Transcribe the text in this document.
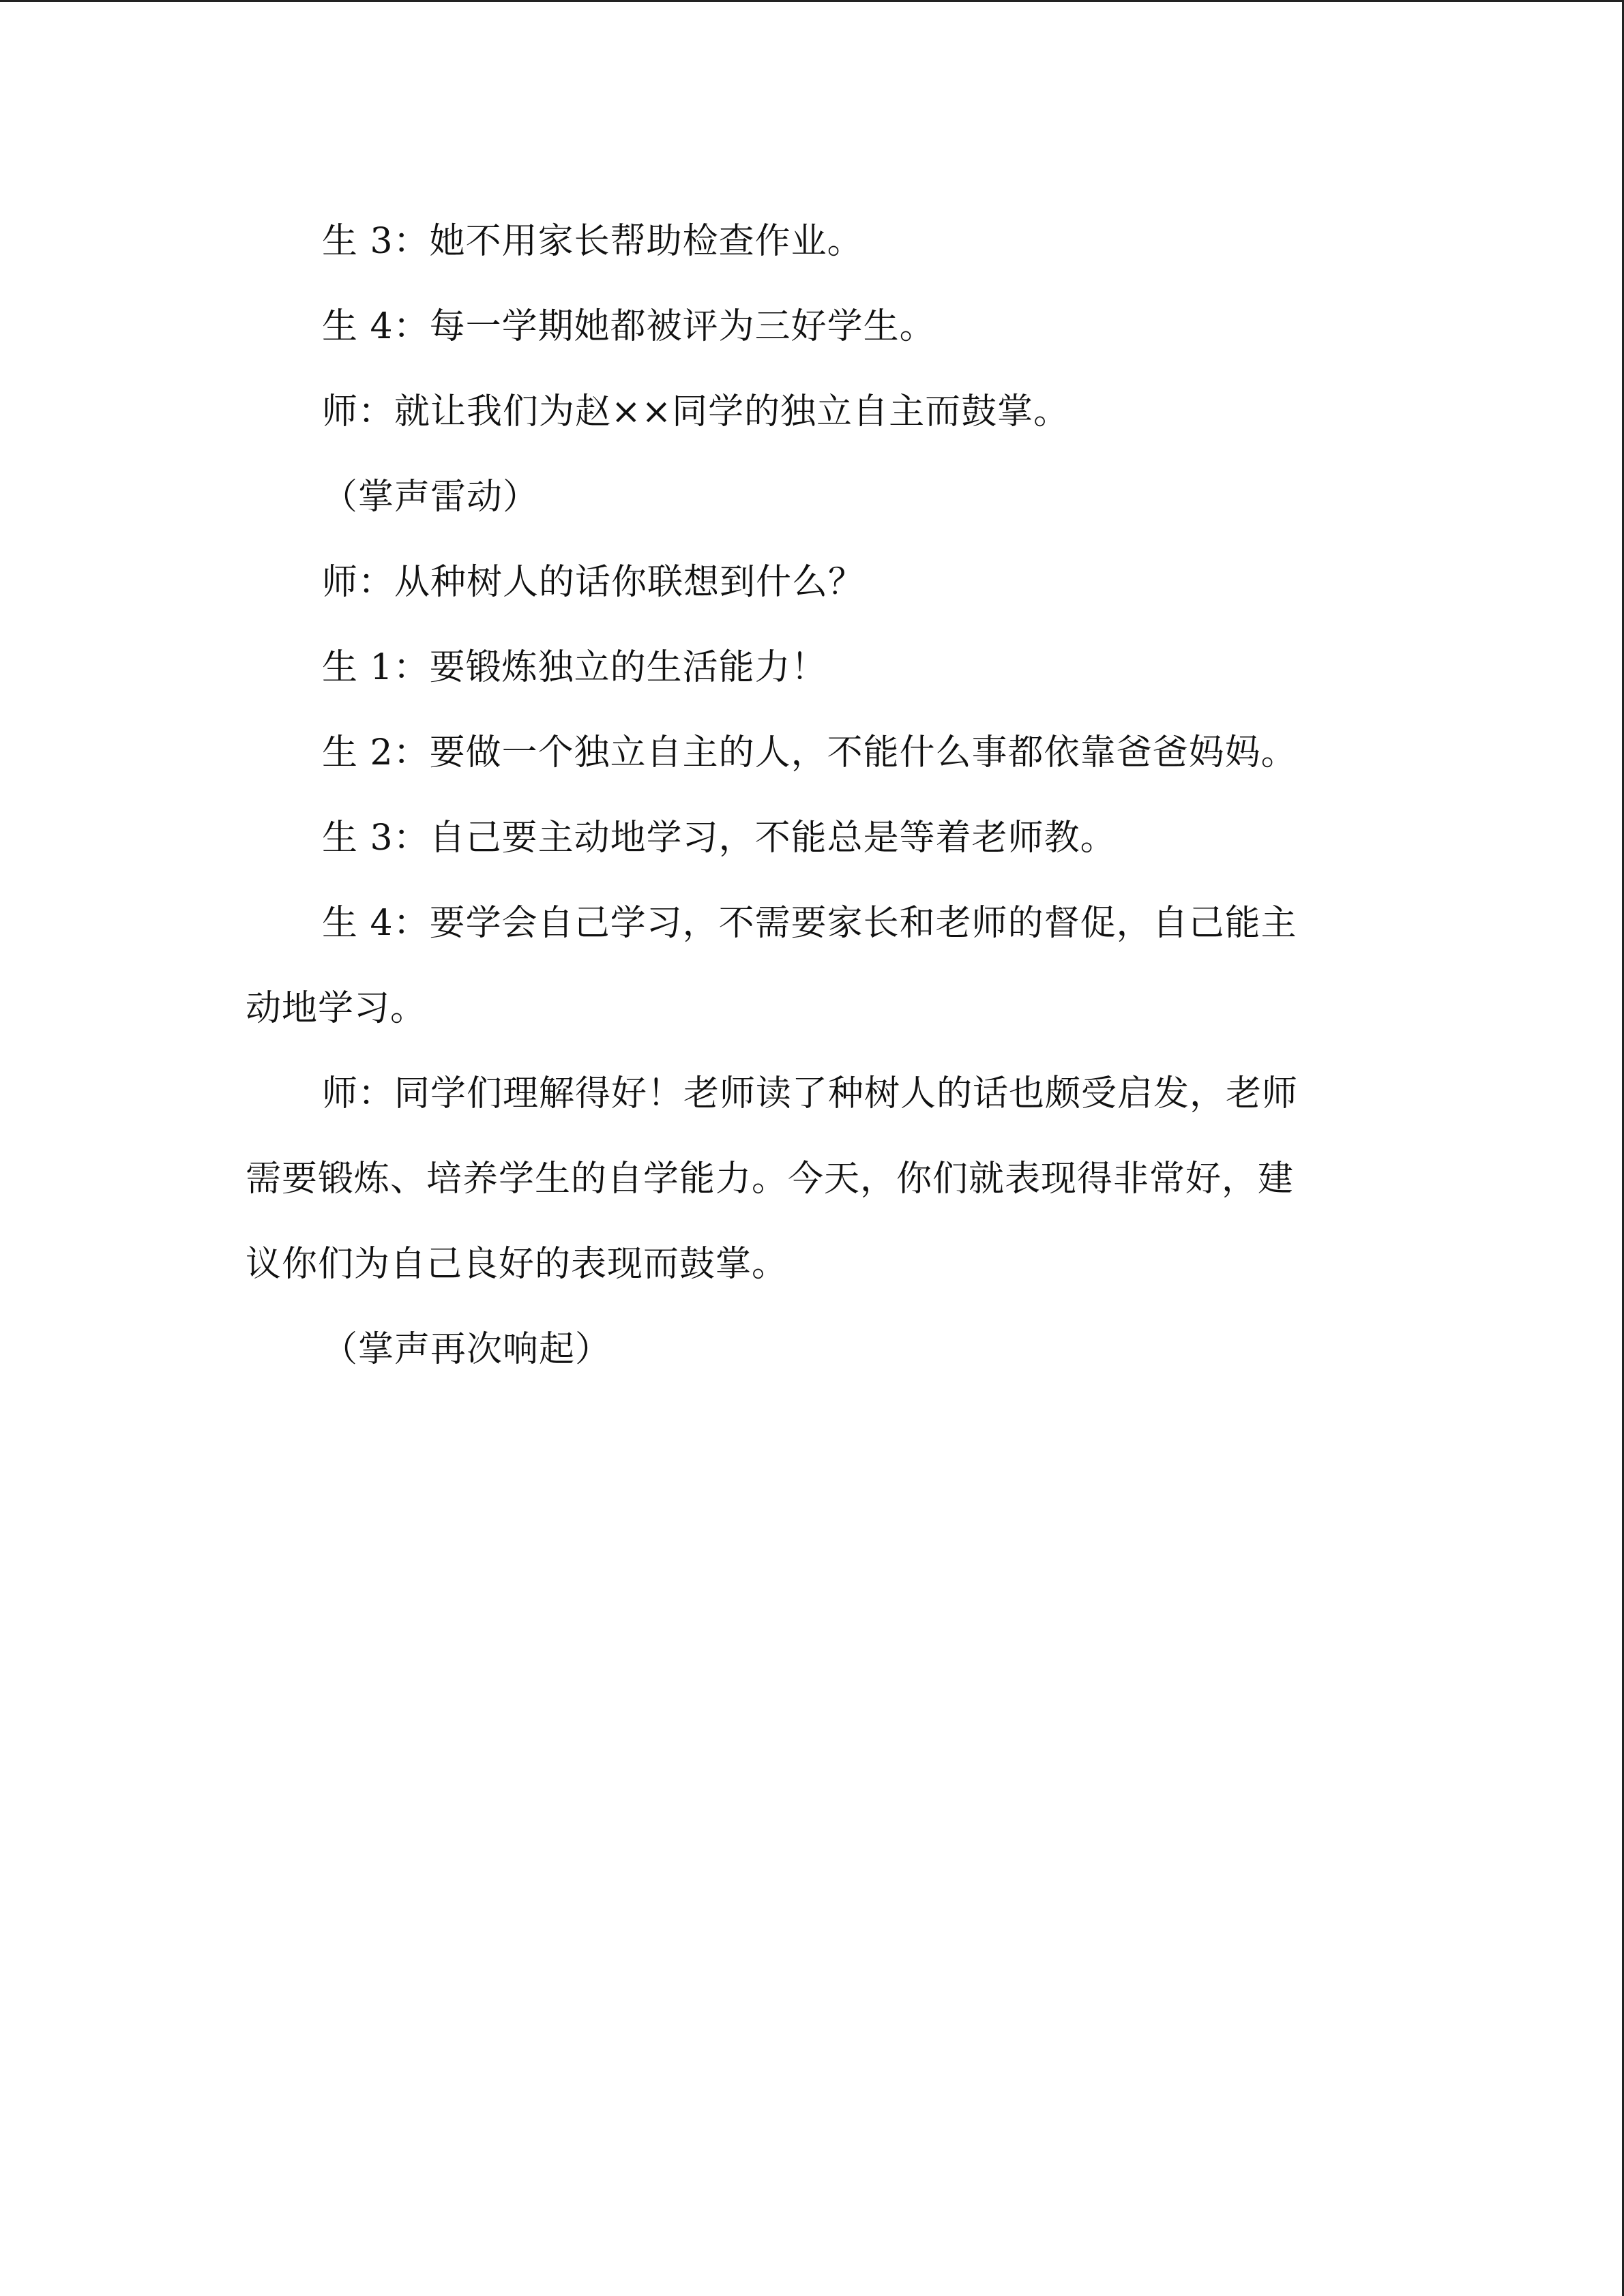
生 3：她不用家长帮助检查作业。
生 4：每一学期她都被评为三好学生。
师：就让我们为赵××同学的独立自主而鼓掌。
（掌声雷动）
师：从种树人的话你联想到什么？
生 1：要锻炼独立的生活能力！
生 2：要做一个独立自主的人，不能什么事都依靠爸爸妈妈。
生 3：自己要主动地学习，不能总是等着老师教。
生 4：要学会自己学习，不需要家长和老师的督促，自己能主
动地学习。
师：同学们理解得好！老师读了种树人的话也颇受启发，老师
需要锻炼、培养学生的自学能力。今天，你们就表现得非常好，建
议你们为自己良好的表现而鼓掌。
（掌声再次响起）
